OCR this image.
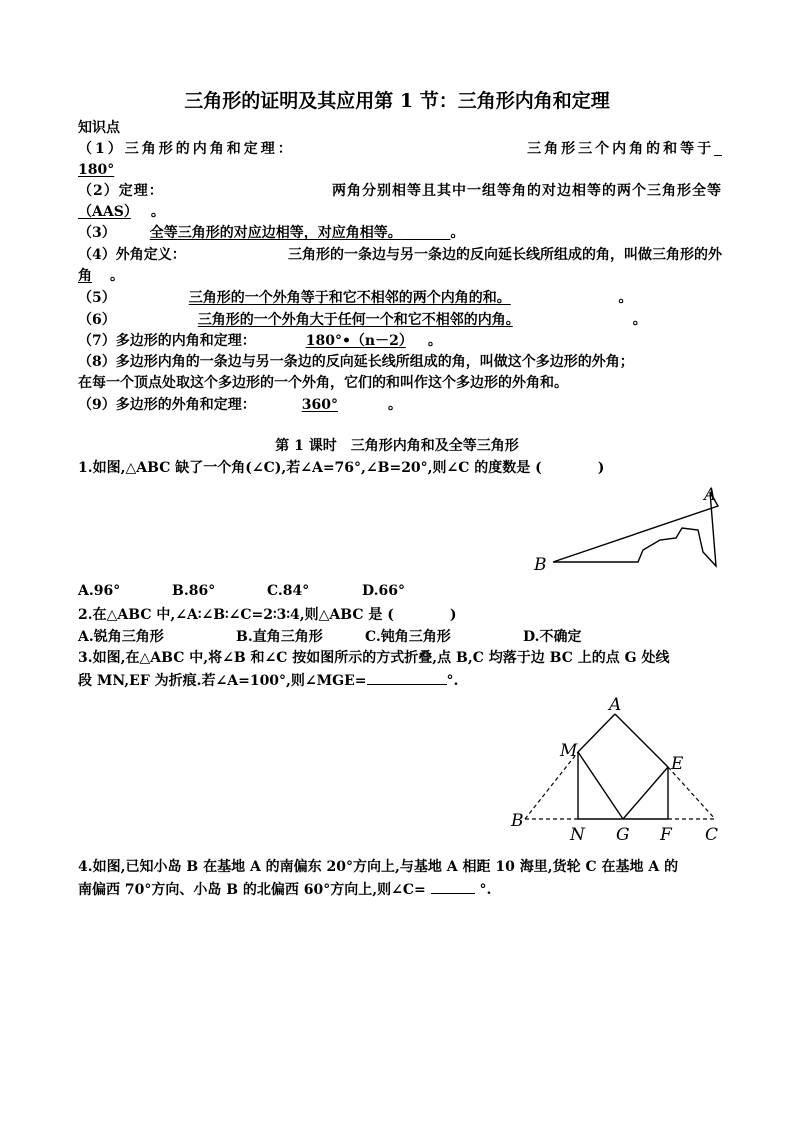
三角形的证明及其应用第 1 节：三角形内角和定理
知识点
（1）三角形的内角和定理：	三角形三个内角的和等于
180°
（2）定理：	两角分别相等且其中一组等角的对边相等的两个三角形全等
（AAS） 。
（3） 全等三角形的对应边相等，对应角相等。	。
（4）外角定义：	三角形的一条边与另一条边的反向延长线所组成的角，叫做三角形的外
角 。
（5）	三角形的一个外角等于和它不相邻的两个内角的和。	。
（6）	三角形的一个外角大于任何一个和它不相邻的内角。	。
（7）多边形的内角和定理：	180°•（n－2） 。
（8）多边形内角的一条边与另一条边的反向延长线所组成的角，叫做这个多边形的外角；
在每一个顶点处取这个多边形的一个外角，它们的和叫作这个多边形的外角和。
（9）多边形的外角和定理：	360°	。
第 1 课时　三角形内角和及全等三角形
1.如图,△ABC 缺了一个角(∠C),若∠A=76°,∠B=20°,则∠C 的度数是 (　　　　)
A
B
A.96°	B.86°	C.84°	D.66°
2.在△ABC 中,∠A∶∠B∶∠C=2∶3∶4,则△ABC 是 (　　　　)
A.锐角三角形	B.直角三角形	C.钝角三角形	D.不确定
3.如图,在△ABC 中,将∠B 和∠C 按如图所示的方式折叠,点 B,C 均落于边 BC 上的点 G 处线
段 MN,EF 为折痕.若∠A=100°,则∠MGE=	°.
A
M
E
B
N G F C
4.如图,已知小岛 B 在基地 A 的南偏东 20°方向上,与基地 A 相距 10 海里,货轮 C 在基地 A 的
南偏西 70°方向、小岛 B 的北偏西 60°方向上,则∠C=	°.
